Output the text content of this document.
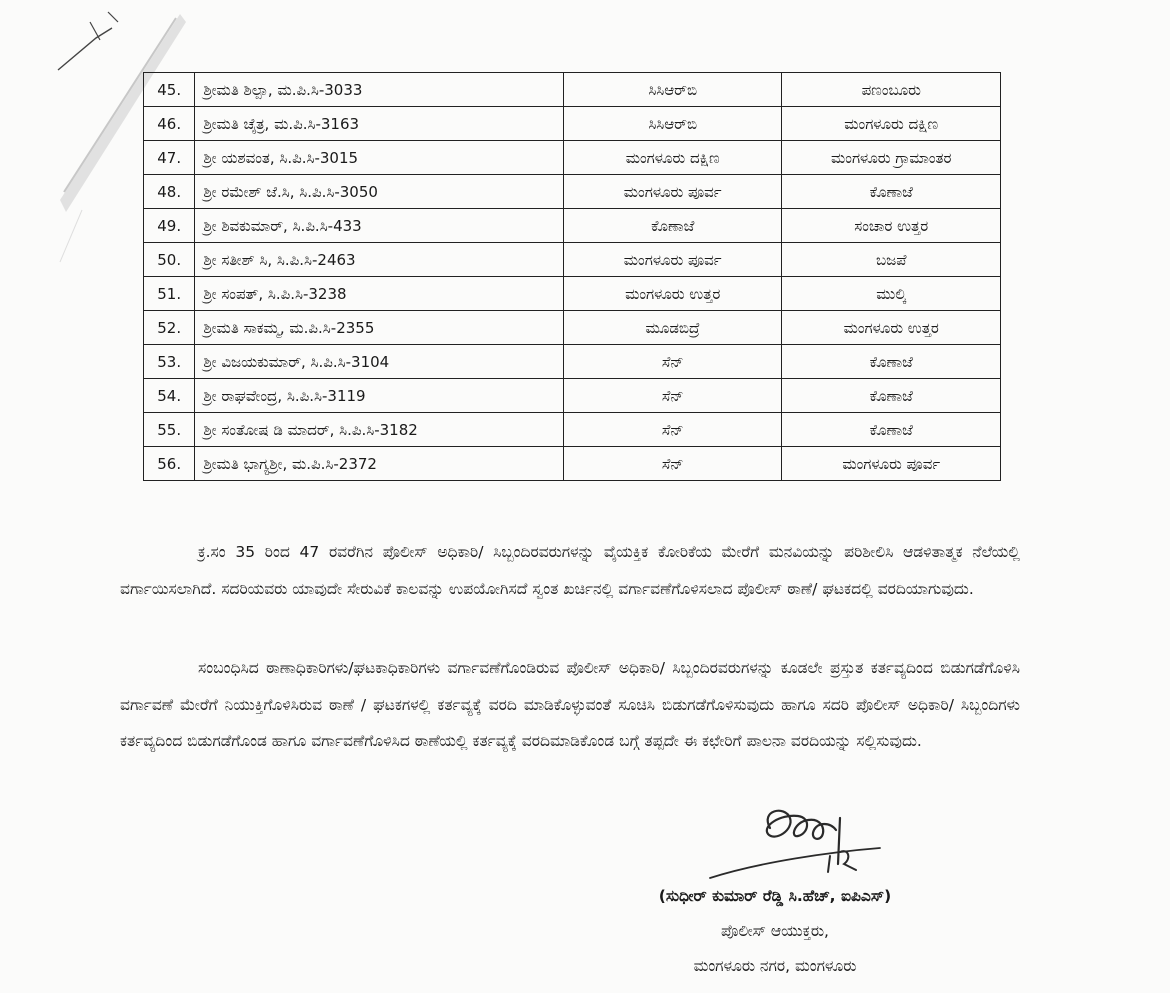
45.	ಶ್ರೀಮತಿ ಶಿಲ್ಪಾ, ಮ.ಪಿ.ಸಿ-3033	ಸಿಸಿಆರ್‌ಬಿ	ಪಣಂಬೂರು
46.	ಶ್ರೀಮತಿ ಚೈತ್ರ, ಮ.ಪಿ.ಸಿ-3163	ಸಿಸಿಆರ್‌ಬಿ	ಮಂಗಳೂರು ದಕ್ಷಿಣ
47.	ಶ್ರೀ ಯಶವಂತ, ಸಿ.ಪಿ.ಸಿ-3015	ಮಂಗಳೂರು ದಕ್ಷಿಣ	ಮಂಗಳೂರು ಗ್ರಾಮಾಂತರ
48.	ಶ್ರೀ ರಮೇಶ್ ಜೆ.ಸಿ, ಸಿ.ಪಿ.ಸಿ-3050	ಮಂಗಳೂರು ಪೂರ್ವ	ಕೊಣಾಜೆ
49.	ಶ್ರೀ ಶಿವಕುಮಾರ್, ಸಿ.ಪಿ.ಸಿ-433	ಕೊಣಾಜೆ	ಸಂಚಾರ ಉತ್ತರ
50.	ಶ್ರೀ ಸತೀಶ್ ಸಿ, ಸಿ.ಪಿ.ಸಿ-2463	ಮಂಗಳೂರು ಪೂರ್ವ	ಬಜಪೆ
51.	ಶ್ರೀ ಸಂಪತ್, ಸಿ.ಪಿ.ಸಿ-3238	ಮಂಗಳೂರು ಉತ್ತರ	ಮುಲ್ಕಿ
52.	ಶ್ರೀಮತಿ ಸಾಕಮ್ಮ, ಮ.ಪಿ.ಸಿ-2355	ಮೂಡಬಿದ್ರೆ	ಮಂಗಳೂರು ಉತ್ತರ
53.	ಶ್ರೀ ವಿಜಯಕುಮಾರ್, ಸಿ.ಪಿ.ಸಿ-3104	ಸೆನ್	ಕೊಣಾಜೆ
54.	ಶ್ರೀ ರಾಘವೇಂದ್ರ, ಸಿ.ಪಿ.ಸಿ-3119	ಸೆನ್	ಕೊಣಾಜೆ
55.	ಶ್ರೀ ಸಂತೋಷ ಡಿ ಮಾದರ್, ಸಿ.ಪಿ.ಸಿ-3182	ಸೆನ್	ಕೊಣಾಜೆ
56.	ಶ್ರೀಮತಿ ಭಾಗ್ಯಶ್ರೀ, ಮ.ಪಿ.ಸಿ-2372	ಸೆನ್	ಮಂಗಳೂರು ಪೂರ್ವ

ಕ್ರ.ಸಂ 35 ರಿಂದ 47 ರವರೆಗಿನ ಪೊಲೀಸ್ ಅಧಿಕಾರಿ/ ಸಿಬ್ಬಂದಿರವರುಗಳನ್ನು ವೈಯಕ್ತಿಕ ಕೋರಿಕೆಯ ಮೇರೆಗೆ ಮನವಿಯನ್ನು ಪರಿಶೀಲಿಸಿ ಆಡಳಿತಾತ್ಮಕ ನೆಲೆಯಲ್ಲಿ ವರ್ಗಾಯಿಸಲಾಗಿದೆ. ಸದರಿಯವರು ಯಾವುದೇ ಸೇರುವಿಕೆ ಕಾಲವನ್ನು ಉಪಯೋಗಿಸದೆ ಸ್ವಂತ ಖರ್ಚಿನಲ್ಲಿ ವರ್ಗಾವಣೆಗೊಳಿಸಲಾದ ಪೊಲೀಸ್ ಠಾಣೆ/ ಘಟಕದಲ್ಲಿ ವರದಿಯಾಗುವುದು.

ಸಂಬಂಧಿಸಿದ ಠಾಣಾಧಿಕಾರಿಗಳು/ಘಟಕಾಧಿಕಾರಿಗಳು ವರ್ಗಾವಣೆಗೊಂಡಿರುವ ಪೊಲೀಸ್ ಅಧಿಕಾರಿ/ ಸಿಬ್ಬಂದಿರವರುಗಳನ್ನು ಕೂಡಲೇ ಪ್ರಸ್ತುತ ಕರ್ತವ್ಯದಿಂದ ಬಿಡುಗಡೆಗೊಳಿಸಿ ವರ್ಗಾವಣೆ ಮೇರೆಗೆ ನಿಯುಕ್ತಿಗೊಳಿಸಿರುವ ಠಾಣೆ / ಘಟಕಗಳಲ್ಲಿ ಕರ್ತವ್ಯಕ್ಕೆ ವರದಿ ಮಾಡಿಕೊಳ್ಳುವಂತೆ ಸೂಚಿಸಿ ಬಿಡುಗಡೆಗೊಳಿಸುವುದು ಹಾಗೂ ಸದರಿ ಪೊಲೀಸ್ ಅಧಿಕಾರಿ/ ಸಿಬ್ಬಂದಿಗಳು ಕರ್ತವ್ಯದಿಂದ ಬಿಡುಗಡೆಗೊಂಡ ಹಾಗೂ ವರ್ಗಾವಣೆಗೊಳಿಸಿದ ಠಾಣೆಯಲ್ಲಿ ಕರ್ತವ್ಯಕ್ಕೆ ವರದಿಮಾಡಿಕೊಂಡ ಬಗ್ಗೆ ತಪ್ಪದೇ ಈ ಕಛೇರಿಗೆ ಪಾಲನಾ ವರದಿಯನ್ನು ಸಲ್ಲಿಸುವುದು.

(ಸುಧೀರ್ ಕುಮಾರ್ ರೆಡ್ಡಿ ಸಿ.ಹೆಚ್, ಐಪಿಎಸ್)
ಪೊಲೀಸ್ ಆಯುಕ್ತರು,
ಮಂಗಳೂರು ನಗರ, ಮಂಗಳೂರು
